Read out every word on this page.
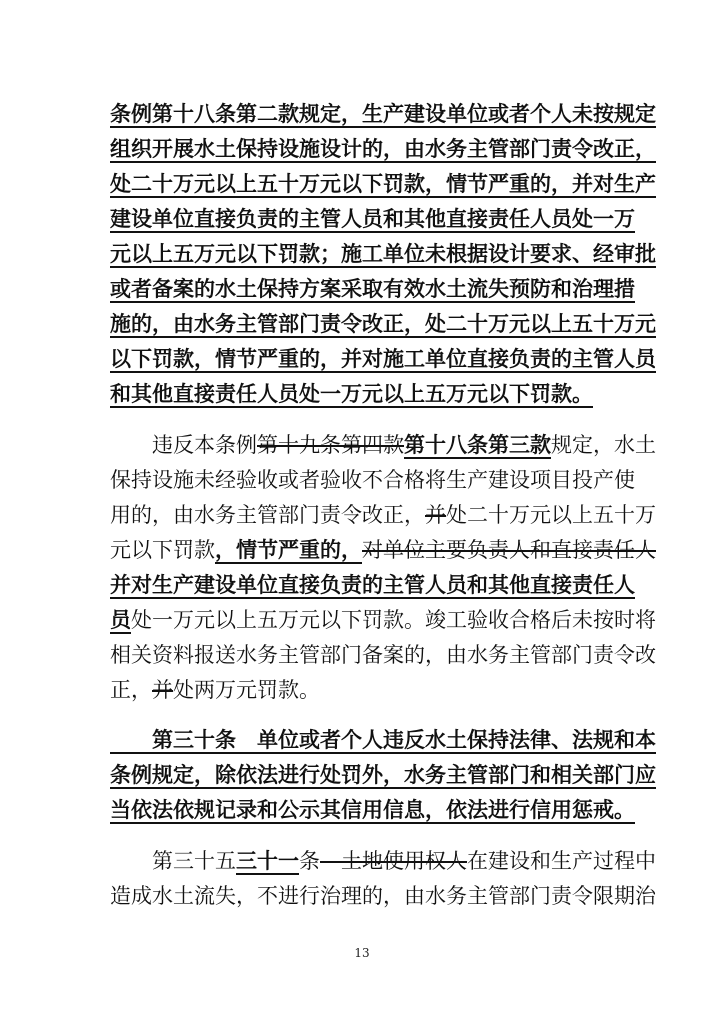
条例第十八条第二款规定，生产建设单位或者个人未按规定
组织开展水土保持设施设计的，由水务主管部门责令改正，
处二十万元以上五十万元以下罚款，情节严重的，并对生产
建设单位直接负责的主管人员和其他直接责任人员处一万
元以上五万元以下罚款；施工单位未根据设计要求、经审批
或者备案的水土保持方案采取有效水土流失预防和治理措
施的，由水务主管部门责令改正，处二十万元以上五十万元
以下罚款，情节严重的，并对施工单位直接负责的主管人员
和其他直接责任人员处一万元以上五万元以下罚款。
　　违反本条例第十九条第四款第十八条第三款规定，水土
保持设施未经验收或者验收不合格将生产建设项目投产使
用的，由水务主管部门责令改正，并处二十万元以上五十万
元以下罚款，情节严重的，对单位主要负责人和直接责任人
并对生产建设单位直接负责的主管人员和其他直接责任人
员处一万元以上五万元以下罚款。竣工验收合格后未按时将
相关资料报送水务主管部门备案的，由水务主管部门责令改
正，并处两万元罚款。
　　第三十条　单位或者个人违反水土保持法律、法规和本
条例规定，除依法进行处罚外，水务主管部门和相关部门应
当依法依规记录和公示其信用信息，依法进行信用惩戒。
　　第三十五三十一条　土地使用权人在建设和生产过程中
造成水土流失，不进行治理的，由水务主管部门责令限期治
13
